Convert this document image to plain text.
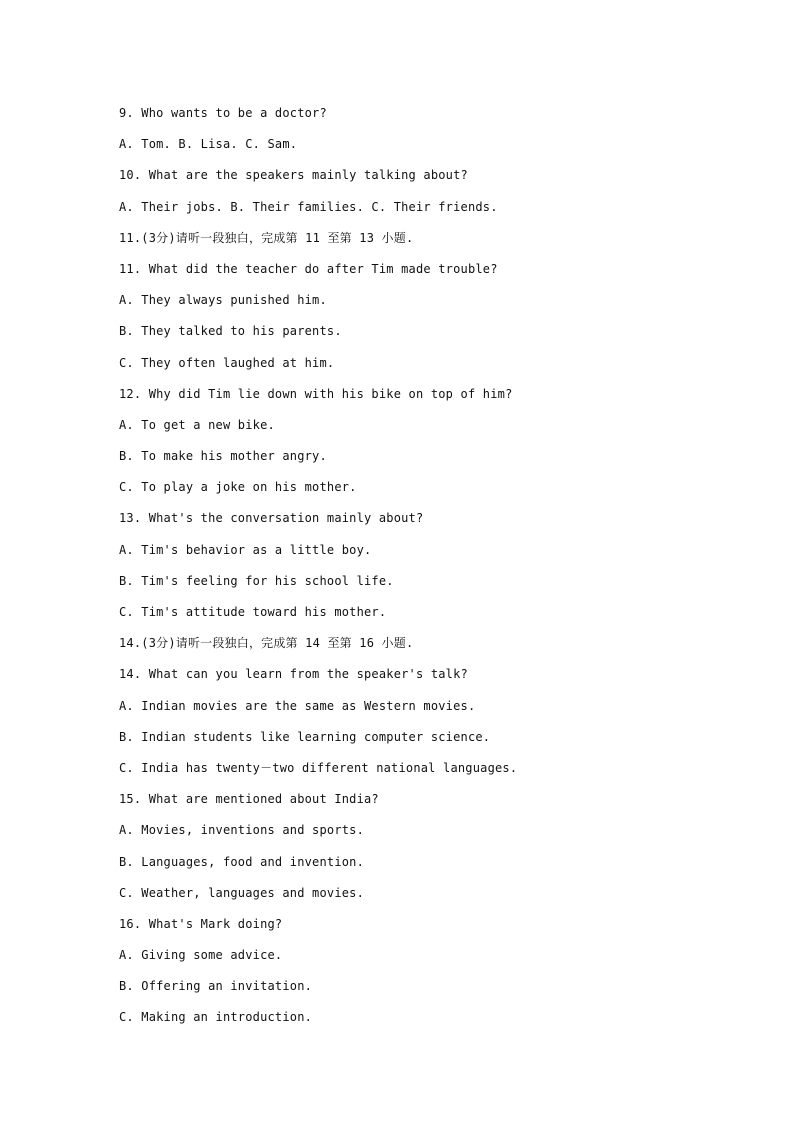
9. Who wants to be a doctor?
A. Tom. B. Lisa. C. Sam.
10. What are the speakers mainly talking about?
A. Their jobs. B. Their families. C. Their friends.
11.(3分)请听一段独白，完成第 11 至第 13 小题.
11. What did the teacher do after Tim made trouble?
A. They always punished him.
B. They talked to his parents.
C. They often laughed at him.
12. Why did Tim lie down with his bike on top of him?
A. To get a new bike.
B. To make his mother angry.
C. To play a joke on his mother.
13. What's the conversation mainly about?
A. Tim's behavior as a little boy.
B. Tim's feeling for his school life.
C. Tim's attitude toward his mother.
14.(3分)请听一段独白，完成第 14 至第 16 小题.
14. What can you learn from the speaker's talk?
A. Indian movies are the same as Western movies.
B. Indian students like learning computer science.
C. India has twenty－two different national languages.
15. What are mentioned about India?
A. Movies, inventions and sports.
B. Languages, food and invention.
C. Weather, languages and movies.
16. What's Mark doing?
A. Giving some advice.
B. Offering an invitation.
C. Making an introduction.
